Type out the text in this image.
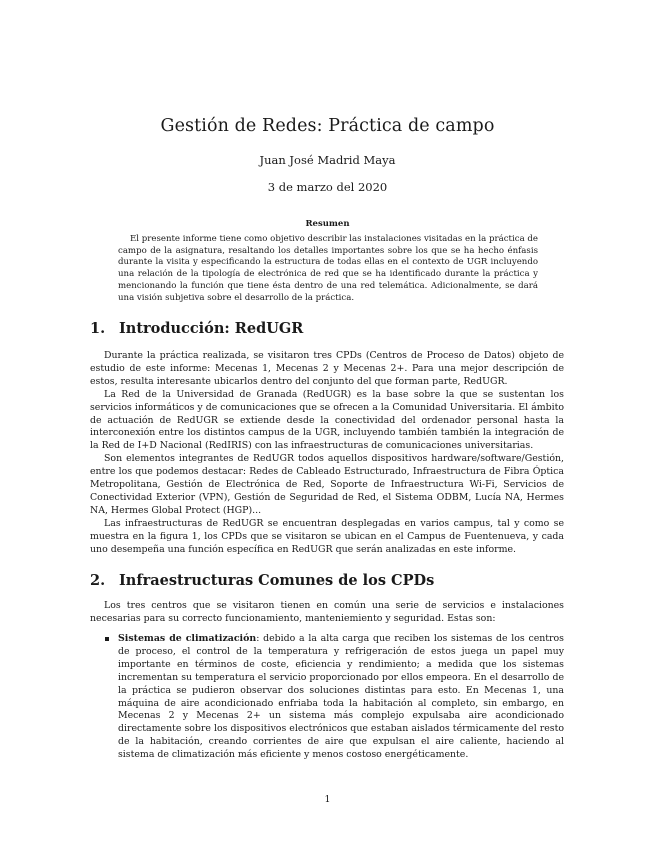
Gestión de Redes: Práctica de campo
Juan José Madrid Maya
3 de marzo del 2020
Resumen

El presente informe tiene como objetivo describir las instalaciones visitadas en la práctica de campo de la asignatura, resaltando los detalles importantes sobre los que se ha hecho énfasis durante la visita y especificando la estructura de todas ellas en el contexto de UGR incluyendo una relación de la tipología de electrónica de red que se ha identificado durante la práctica y mencionando la función que tiene ésta dentro de una red telemática. Adicionalmente, se dará una visión subjetiva sobre el desarrollo de la práctica.

1. Introducción: RedUGR

Durante la práctica realizada, se visitaron tres CPDs (Centros de Proceso de Datos) objeto de estudio de este informe: Mecenas 1, Mecenas 2 y Mecenas 2+. Para una mejor descripción de estos, resulta interesante ubicarlos dentro del conjunto del que forman parte, RedUGR.

La Red de la Universidad de Granada (RedUGR) es la base sobre la que se sustentan los servicios informáticos y de comunicaciones que se ofrecen a la Comunidad Universitaria. El ámbito de actuación de RedUGR se extiende desde la conectividad del ordenador personal hasta la interconexión entre los distintos campus de la UGR, incluyendo también también la integración de la Red de I+D Nacional (RedIRIS) con las infraestructuras de comunicaciones universitarias.

Son elementos integrantes de RedUGR todos aquellos dispositivos hardware/software/Gestión, entre los que podemos destacar: Redes de Cableado Estructurado, Infraestructura de Fibra Óptica Metropolitana, Gestión de Electrónica de Red, Soporte de Infraestructura Wi-Fi, Servicios de Conectividad Exterior (VPN), Gestión de Seguridad de Red, el Sistema ODBM, Lucía NA, Hermes NA, Hermes Global Protect (HGP)...

Las infraestructuras de RedUGR se encuentran desplegadas en varios campus, tal y como se muestra en la figura 1, los CPDs que se visitaron se ubican en el Campus de Fuentenueva, y cada uno desempeña una función específica en RedUGR que serán analizadas en este informe.

2. Infraestructuras Comunes de los CPDs

Los tres centros que se visitaron tienen en común una serie de servicios e instalaciones necesarias para su correcto funcionamiento, manteniemiento y seguridad. Estas son:

Sistemas de climatización: debido a la alta carga que reciben los sistemas de los centros de proceso, el control de la temperatura y refrigeración de estos juega un papel muy importante en términos de coste, eficiencia y rendimiento; a medida que los sistemas incrementan su temperatura el servicio proporcionado por ellos empeora. En el desarrollo de la práctica se pudieron observar dos soluciones distintas para esto. En Mecenas 1, una máquina de aire acondicionado enfriaba toda la habitación al completo, sin embargo, en Mecenas 2 y Mecenas 2+ un sistema más complejo expulsaba aire acondicionado directamente sobre los dispositivos electrónicos que estaban aislados térmicamente del resto de la habitación, creando corrientes de aire que expulsan el aire caliente, haciendo al sistema de climatización más eficiente y menos costoso energéticamente.
1
